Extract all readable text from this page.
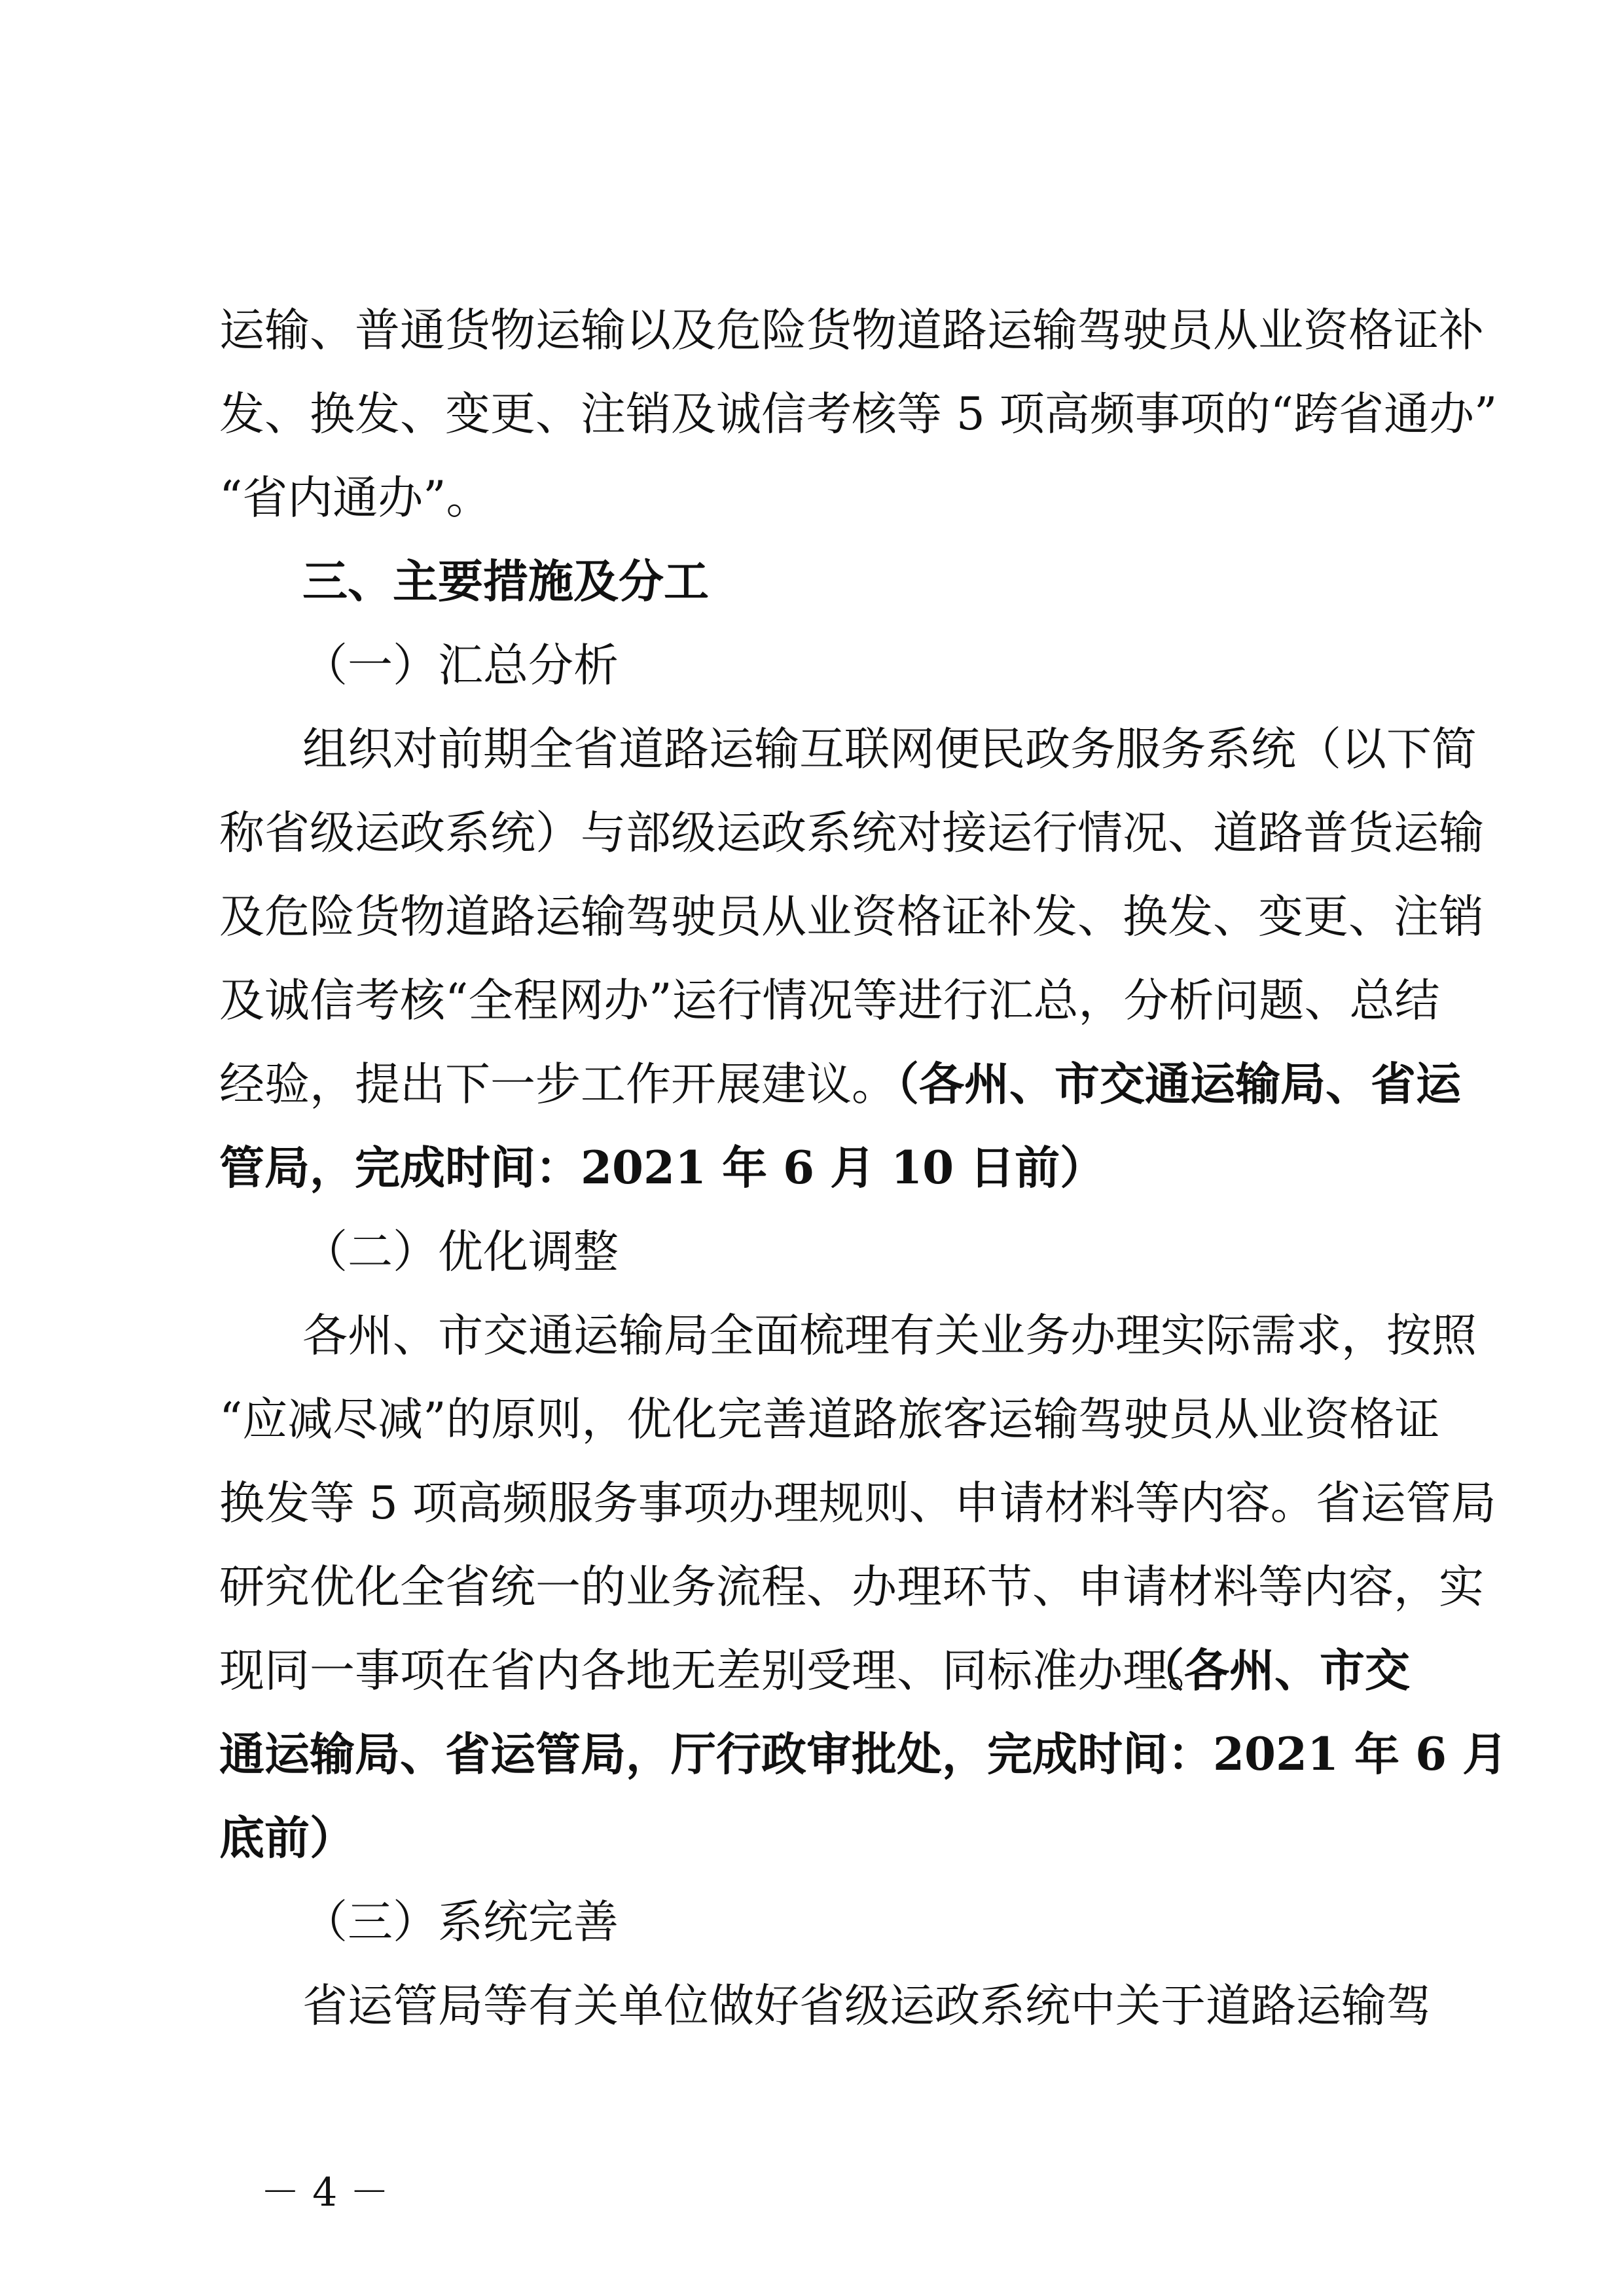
运输、普通货物运输以及危险货物道路运输驾驶员从业资格证补
发、换发、变更、注销及诚信考核等 5 项高频事项的“跨省通办”
“省内通办”。
三、主要措施及分工
（一）汇总分析
组织对前期全省道路运输互联网便民政务服务系统（以下简
称省级运政系统）与部级运政系统对接运行情况、道路普货运输
及危险货物道路运输驾驶员从业资格证补发、换发、变更、注销
及诚信考核“全程网办”运行情况等进行汇总，分析问题、总结
经验，提出下一步工作开展建议。
（各州、市交通运输局、省运
管局，完成时间：2021 年 6 月 10 日前）
（二）优化调整
各州、市交通运输局全面梳理有关业务办理实际需求，按照
“应减尽减”的原则，优化完善道路旅客运输驾驶员从业资格证
换发等 5 项高频服务事项办理规则、申请材料等内容。省运管局
研究优化全省统一的业务流程、办理环节、申请材料等内容，实
现同一事项在省内各地无差别受理、同标准办理。
（各州、市交
通运输局、省运管局，厅行政审批处，完成时间：2021 年 6 月
底前）
（三）系统完善
省运管局等有关单位做好省级运政系统中关于道路运输驾
－ 4 －
